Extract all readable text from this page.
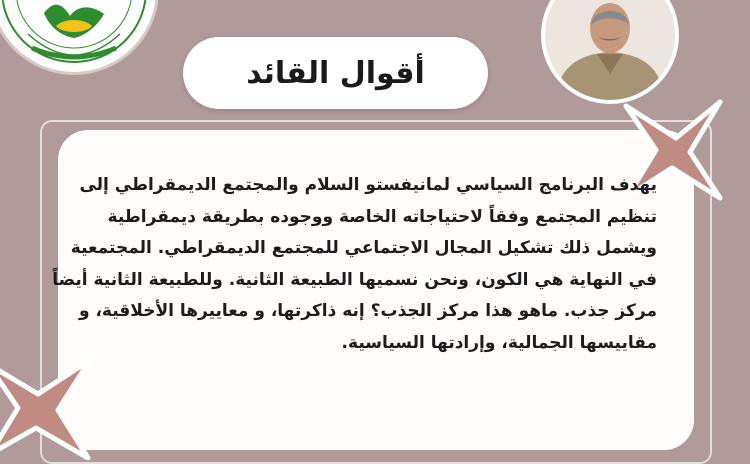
أقوال القائد
يهدف البرنامج السياسي لمانيفستو السلام والمجتمع الديمقراطي إلى
تنظيم المجتمع وفقاً لاحتياجاته الخاصة ووجوده بطريقة ديمقراطية
ويشمل ذلك تشكيل المجال الاجتماعي للمجتمع الديمقراطي. المجتمعية
في النهاية هي الكون، ونحن نسميها الطبيعة الثانية. وللطبيعة الثانية أيضاً
مركز جذب. ماهو هذا مركز الجذب؟ إنه ذاكرتها، و معاييرها الأخلاقية، و
مقاييسها الجمالية، وإرادتها السياسية.
